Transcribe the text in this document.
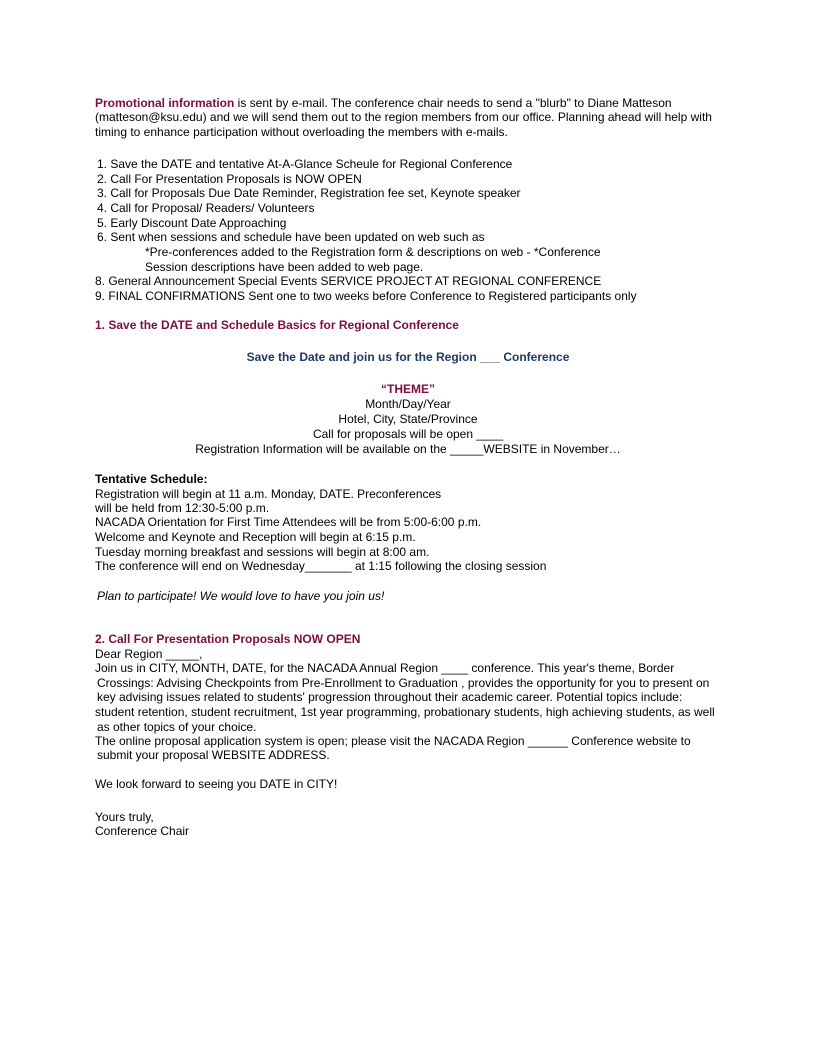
Promotional information is sent by e-mail. The conference chair needs to send a "blurb" to Diane Matteson

(matteson@ksu.edu) and we will send them out to the region members from our office. Planning ahead will help with

timing to enhance participation without overloading the members with e-mails.

1. Save the DATE and tentative At-A-Glance Scheule for Regional Conference
2. Call For Presentation Proposals is NOW OPEN
3. Call for Proposals Due Date Reminder, Registration fee set, Keynote speaker
4. Call for Proposal/ Readers/ Volunteers
5. Early Discount Date Approaching
6. Sent when sessions and schedule have been updated on web such as
*Pre-conferences added to the Registration form & descriptions on web - *Conference
Session descriptions have been added to web page.
8. General Announcement Special Events SERVICE PROJECT AT REGIONAL CONFERENCE
9. FINAL CONFIRMATIONS Sent one to two weeks before Conference to Registered participants only
1. Save the DATE and Schedule Basics for Regional Conference

Save the Date and join us for the Region ___ Conference

“THEME”

Month/Day/Year

Hotel, City, State/Province

Call for proposals will be open ____

Registration Information will be available on the _____WEBSITE in November…

Tentative Schedule:

Registration will begin at 11 a.m. Monday, DATE. Preconferences

will be held from 12:30-5:00 p.m.

NACADA Orientation for First Time Attendees will be from 5:00-6:00 p.m.

Welcome and Keynote and Reception will begin at 6:15 p.m.

Tuesday morning breakfast and sessions will begin at 8:00 am.

The conference will end on Wednesday_______ at 1:15 following the closing session

Plan to participate! We would love to have you join us!

2. Call For Presentation Proposals NOW OPEN

Dear Region _____,

Join us in CITY, MONTH, DATE, for the NACADA Annual Region ____ conference. This year's theme, Border

Crossings: Advising Checkpoints from Pre-Enrollment to Graduation , provides the opportunity for you to present on

key advising issues related to students' progression throughout their academic career. Potential topics include:

student retention, student recruitment, 1st year programming, probationary students, high achieving students, as well

as other topics of your choice.

The online proposal application system is open; please visit the NACADA Region ______ Conference website to

submit your proposal WEBSITE ADDRESS.

We look forward to seeing you DATE in CITY!

Yours truly,

Conference Chair
